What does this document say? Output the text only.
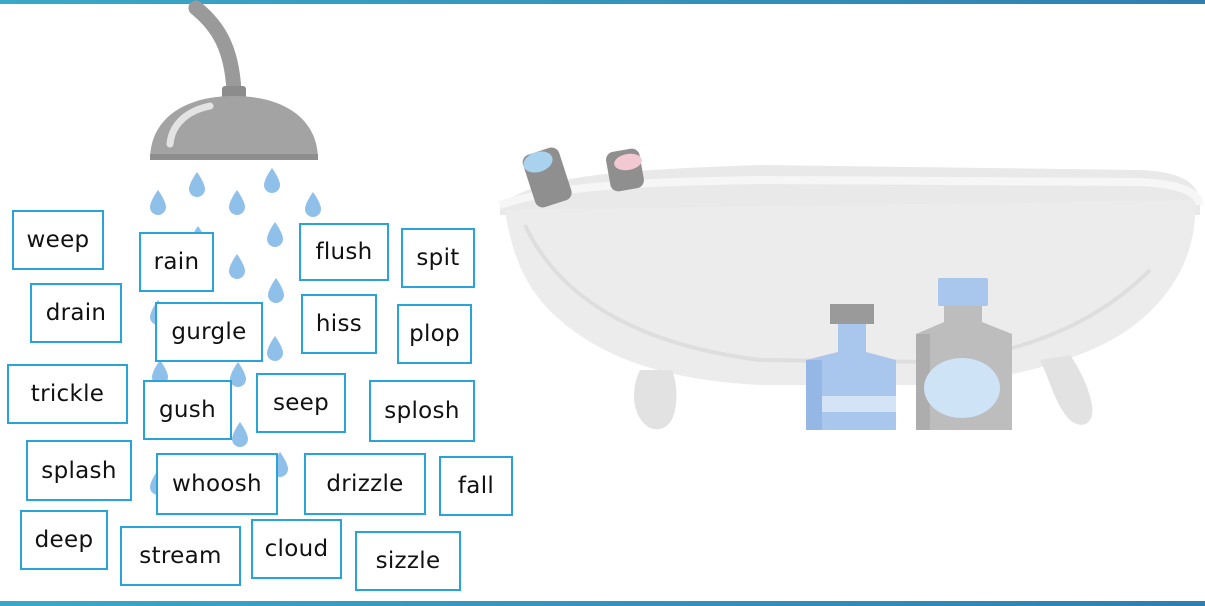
weep
rain	flush	spit
drain
gurgle	hiss	plop
trickle
gush	seep	splosh
splash
whoosh	drizzle	fall
deep
stream	cloud	sizzle
